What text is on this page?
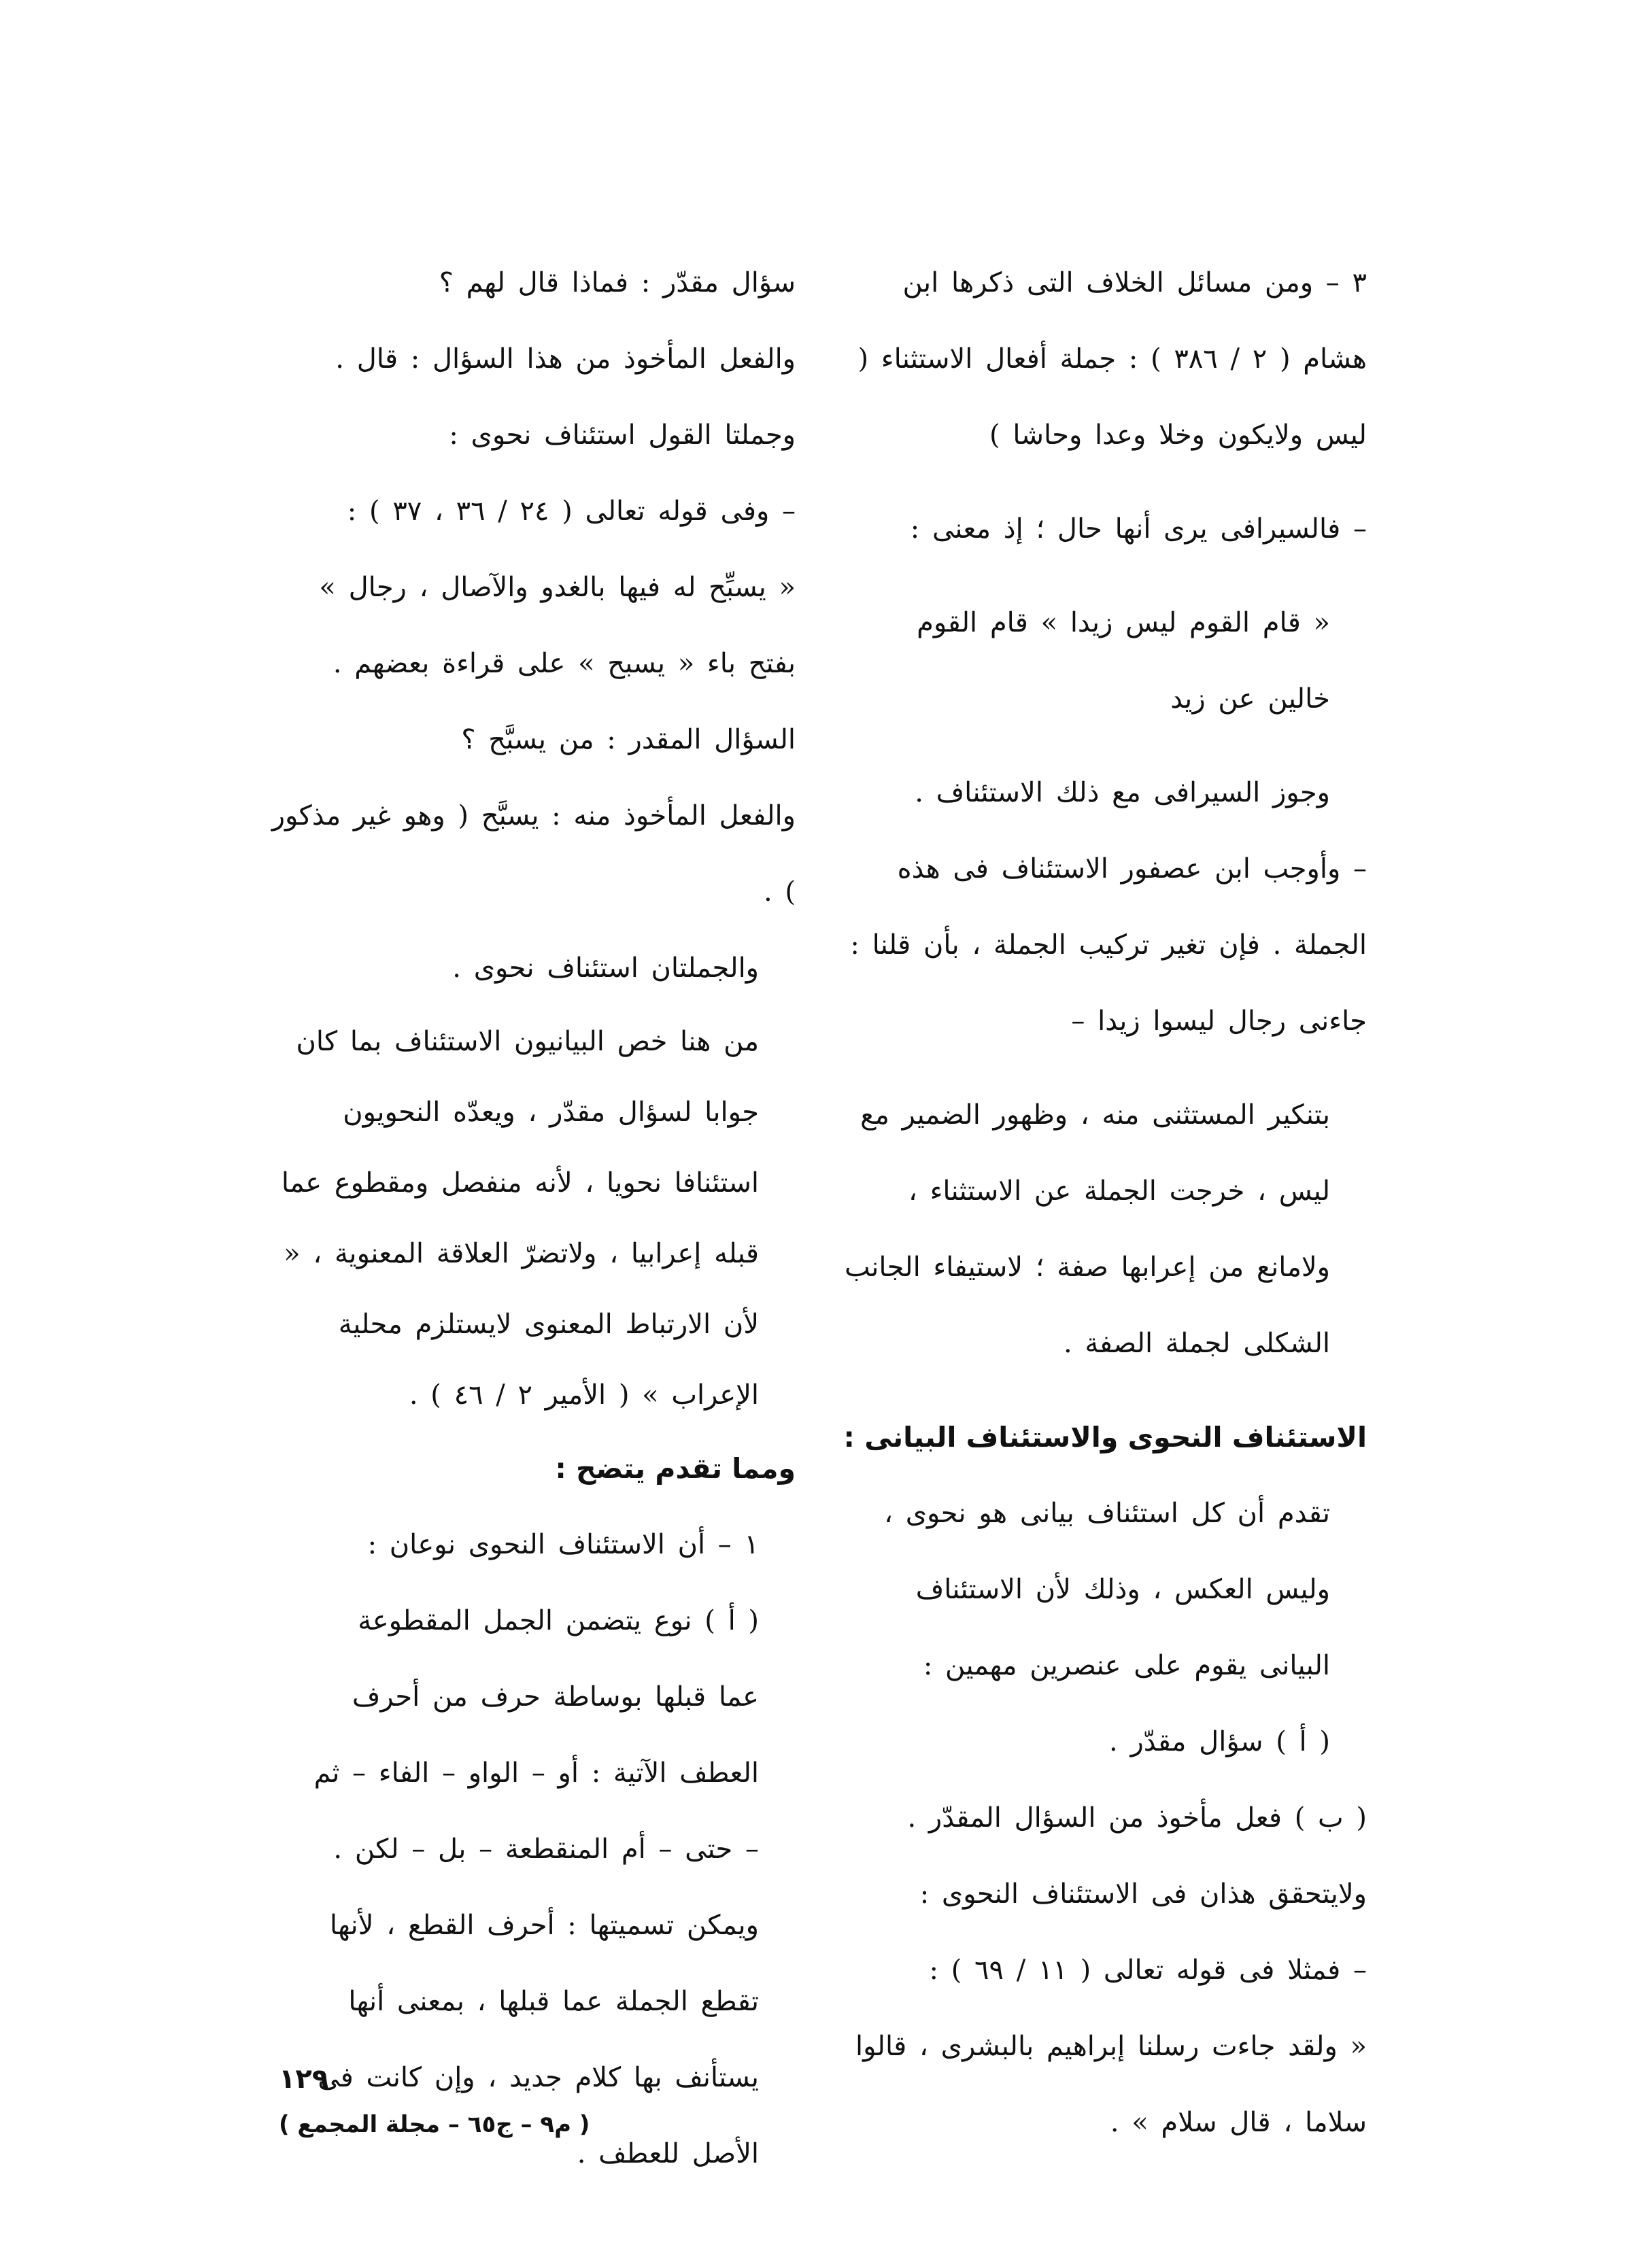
٣ – ومن مسائل الخلاف التى ذكرها ابن هشام ( ٢ / ٣٨٦ ) : جملة أفعال الاستثناء ( ليس ولايكون وخلا وعدا وحاشا )

– فالسيرافى يرى أنها حال ؛ إذ معنى :

« قام القوم ليس زيدا » قام القوم خالين عن زيد

وجوز السيرافى مع ذلك الاستئناف .

– وأوجب ابن عصفور الاستئناف فى هذه الجملة . فإن تغير تركيب الجملة ، بأن قلنا : جاءنى رجال ليسوا زيدا –

بتنكير المستثنى منه ، وظهور الضمير مع ليس ، خرجت الجملة عن الاستثناء ، ولامانع من إعرابها صفة ؛ لاستيفاء الجانب الشكلى لجملة الصفة .

الاستئناف النحوى والاستئناف البيانى :

تقدم أن كل استئناف بيانى هو نحوى ، وليس العكس ، وذلك لأن الاستئناف البيانى يقوم على عنصرين مهمين :

( أ ) سؤال مقدّر .

( ب ) فعل مأخوذ من السؤال المقدّر .

ولايتحقق هذان فى الاستئناف النحوى :

– فمثلا فى قوله تعالى ( ١١ / ٦٩ ) :

« ولقد جاءت رسلنا إبراهيم بالبشرى ، قالوا سلاما ، قال سلام » .

سؤال مقدّر : فماذا قال لهم ؟

والفعل المأخوذ من هذا السؤال : قال .

وجملتا القول استئناف نحوى :

– وفى قوله تعالى ( ٢٤ / ٣٦ ، ٣٧ ) :

« يسبِّح له فيها بالغدو والآصال ، رجال » بفتح باء « يسبح » على قراءة بعضهم .

السؤال المقدر : من يسبَّح ؟

والفعل المأخوذ منه : يسبَّح ( وهو غير مذكور ) .

والجملتان استئناف نحوى .

من هنا خص البيانيون الاستئناف بما كان جوابا لسؤال مقدّر ، ويعدّه النحويون استئنافا نحويا ، لأنه منفصل ومقطوع عما قبله إعرابيا ، ولاتضرّ العلاقة المعنوية ، « لأن الارتباط المعنوى لايستلزم محلية الإعراب » ( الأمير ٢ / ٤٦ ) .

ومما تقدم يتضح :

١ – أن الاستئناف النحوى نوعان :

( أ ) نوع يتضمن الجمل المقطوعة عما قبلها بوساطة حرف من أحرف العطف الآتية : أو – الواو – الفاء – ثم – حتى – أم المنقطعة – بل – لكن .

ويمكن تسميتها : أحرف القطع ، لأنها تقطع الجملة عما قبلها ، بمعنى أنها يستأنف بها كلام جديد ، وإن كانت فى الأصل للعطف .

١٢٩
( م٩ – ج٦٥ – مجلة المجمع )
